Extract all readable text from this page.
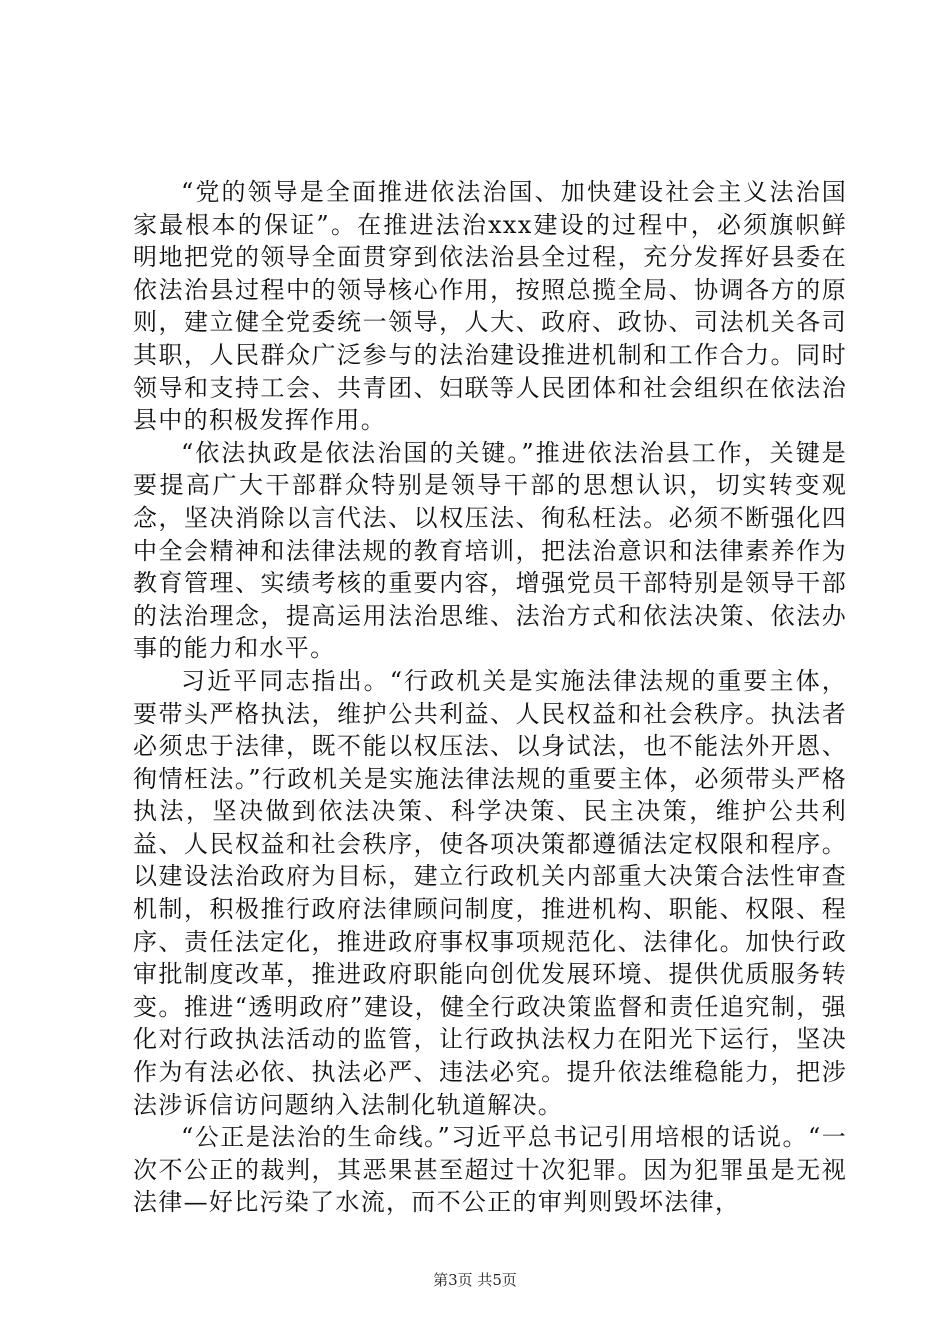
“党的领导是全面推进依法治国、加快建设社会主义法治国家最根本的保证”。在推进法治xxx建设的过程中，必须旗帜鲜明地把党的领导全面贯穿到依法治县全过程，充分发挥好县委在依法治县过程中的领导核心作用，按照总揽全局、协调各方的原则，建立健全党委统一领导，人大、政府、政协、司法机关各司其职，人民群众广泛参与的法治建设推进机制和工作合力。同时领导和支持工会、共青团、妇联等人民团体和社会组织在依法治县中的积极发挥作用。

“依法执政是依法治国的关键。”推进依法治县工作，关键是要提高广大干部群众特别是领导干部的思想认识，切实转变观念，坚决消除以言代法、以权压法、徇私枉法。必须不断强化四中全会精神和法律法规的教育培训，把法治意识和法律素养作为教育管理、实绩考核的重要内容，增强党员干部特别是领导干部的法治理念，提高运用法治思维、法治方式和依法决策、依法办事的能力和水平。

习近平同志指出。“行政机关是实施法律法规的重要主体，要带头严格执法，维护公共利益、人民权益和社会秩序。执法者必须忠于法律，既不能以权压法、以身试法，也不能法外开恩、徇情枉法。”行政机关是实施法律法规的重要主体，必须带头严格执法，坚决做到依法决策、科学决策、民主决策，维护公共利益、人民权益和社会秩序，使各项决策都遵循法定权限和程序。以建设法治政府为目标，建立行政机关内部重大决策合法性审查机制，积极推行政府法律顾问制度，推进机构、职能、权限、程序、责任法定化，推进政府事权事项规范化、法律化。加快行政审批制度改革，推进政府职能向创优发展环境、提供优质服务转变。推进“透明政府”建设，健全行政决策监督和责任追究制，强化对行政执法活动的监管，让行政执法权力在阳光下运行，坚决作为有法必依、执法必严、违法必究。提升依法维稳能力，把涉法涉诉信访问题纳入法制化轨道解决。

“公正是法治的生命线。”习近平总书记引用培根的话说。“一次不公正的裁判，其恶果甚至超过十次犯罪。因为犯罪虽是无视法律—好比污染了水流，而不公正的审判则毁坏法律，

第3页 共5页
